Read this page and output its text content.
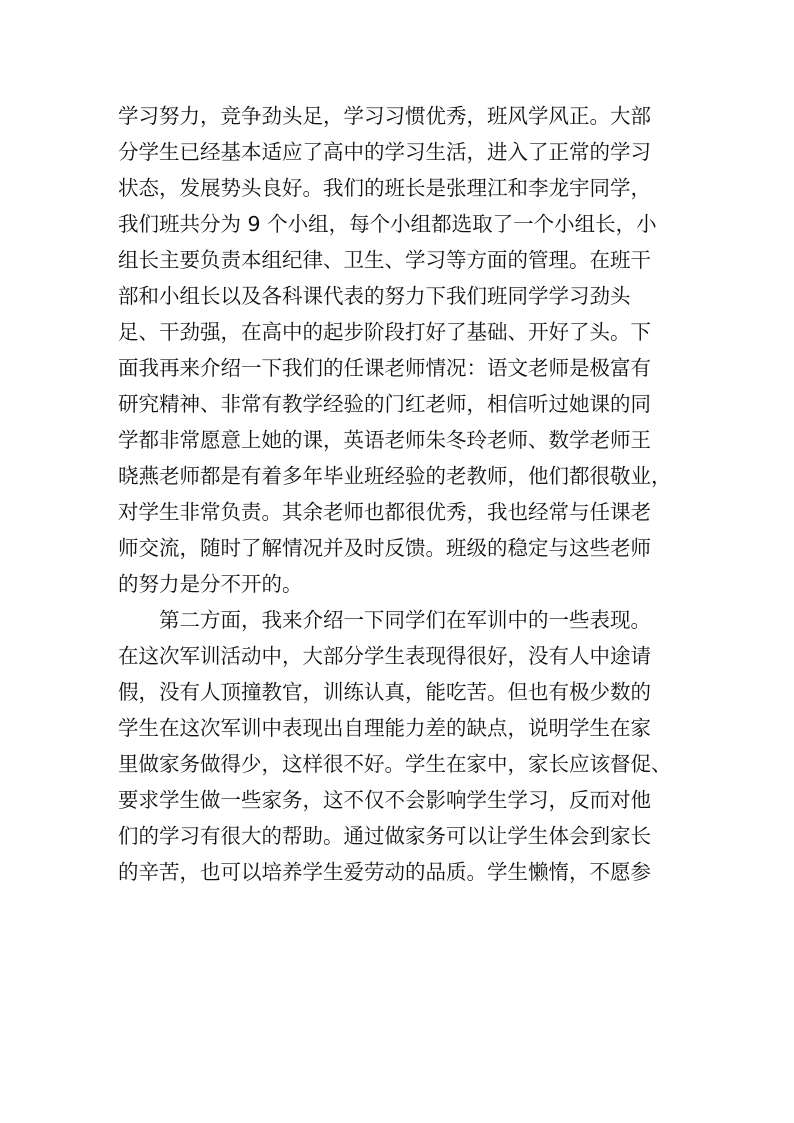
学习努力，竞争劲头足，学习习惯优秀，班风学风正。大部
分学生已经基本适应了高中的学习生活，进入了正常的学习
状态，发展势头良好。我们的班长是张理江和李龙宇同学，
我们班共分为 9 个小组，每个小组都选取了一个小组长，小
组长主要负责本组纪律、卫生、学习等方面的管理。在班干
部和小组长以及各科课代表的努力下我们班同学学习劲头
足、干劲强，在高中的起步阶段打好了基础、开好了头。下
面我再来介绍一下我们的任课老师情况：语文老师是极富有
研究精神、非常有教学经验的门红老师，相信听过她课的同
学都非常愿意上她的课，英语老师朱冬玲老师、数学老师王
晓燕老师都是有着多年毕业班经验的老教师，他们都很敬业，
对学生非常负责。其余老师也都很优秀，我也经常与任课老
师交流，随时了解情况并及时反馈。班级的稳定与这些老师
的努力是分不开的。
　　第二方面，我来介绍一下同学们在军训中的一些表现。
在这次军训活动中，大部分学生表现得很好，没有人中途请
假，没有人顶撞教官，训练认真，能吃苦。但也有极少数的
学生在这次军训中表现出自理能力差的缺点，说明学生在家
里做家务做得少，这样很不好。学生在家中，家长应该督促、
要求学生做一些家务，这不仅不会影响学生学习，反而对他
们的学习有很大的帮助。通过做家务可以让学生体会到家长
的辛苦，也可以培养学生爱劳动的品质。学生懒惰，不愿参
